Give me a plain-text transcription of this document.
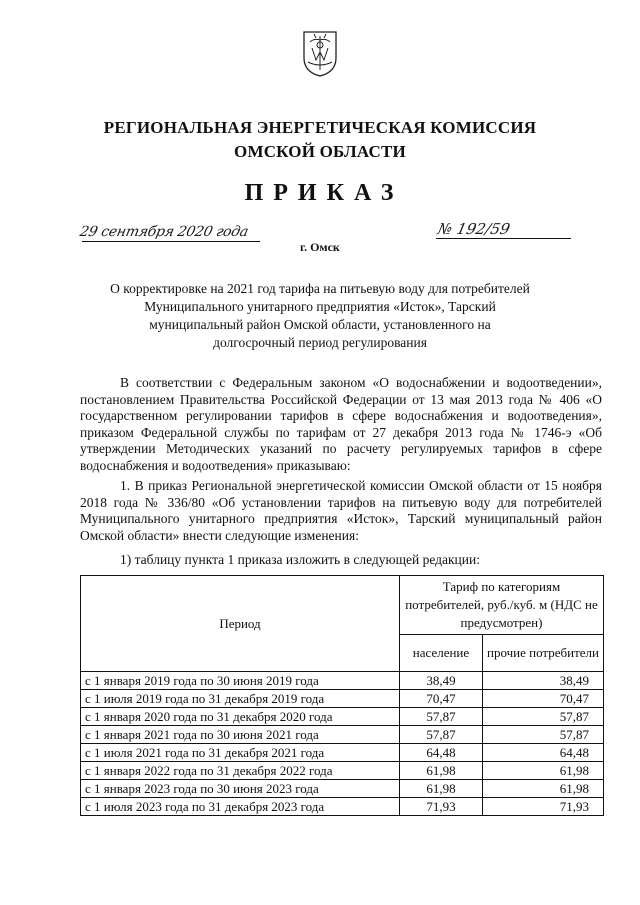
РЕГИОНАЛЬНАЯ ЭНЕРГЕТИЧЕСКАЯ КОМИССИЯ
ОМСКОЙ ОБЛАСТИ
ПРИКАЗ
29 сентября 2020 года	№ 192/59
г. Омск
О корректировке на 2021 год тарифа на питьевую воду для потребителей
Муниципального унитарного предприятия «Исток», Тарский
муниципальный район Омской области, установленного на
долгосрочный период регулирования
В соответствии с Федеральным законом «О водоснабжении и водоотведении», постановлением Правительства Российской Федерации от 13 мая 2013 года № 406 «О государственном регулировании тарифов в сфере водоснабжения и водоотведения», приказом Федеральной службы по тарифам от 27 декабря 2013 года № 1746-э «Об утверждении Методических указаний по расчету регулируемых тарифов в сфере водоснабжения и водоотведения» приказываю:
1. В приказ Региональной энергетической комиссии Омской области от 15 ноября 2018 года № 336/80 «Об установлении тарифов на питьевую воду для потребителей Муниципального унитарного предприятия «Исток», Тарский муниципальный район Омской области» внести следующие изменения:
1) таблицу пункта 1 приказа изложить в следующей редакции:
Период	Тариф по категориям потребителей, руб./куб. м (НДС не предусмотрен)	
	население	прочие потребители
с 1 января 2019 года по 30 июня 2019 года	38,49	38,49
с 1 июля 2019 года по 31 декабря 2019 года	70,47	70,47
с 1 января 2020 года по 31 декабря 2020 года	57,87	57,87
с 1 января 2021 года по 30 июня 2021 года	57,87	57,87
с 1 июля 2021 года по 31 декабря 2021 года	64,48	64,48
с 1 января 2022 года по 31 декабря 2022 года	61,98	61,98
с 1 января 2023 года по 30 июня 2023 года	61,98	61,98
с 1 июля 2023 года по 31 декабря 2023 года	71,93	71,93
